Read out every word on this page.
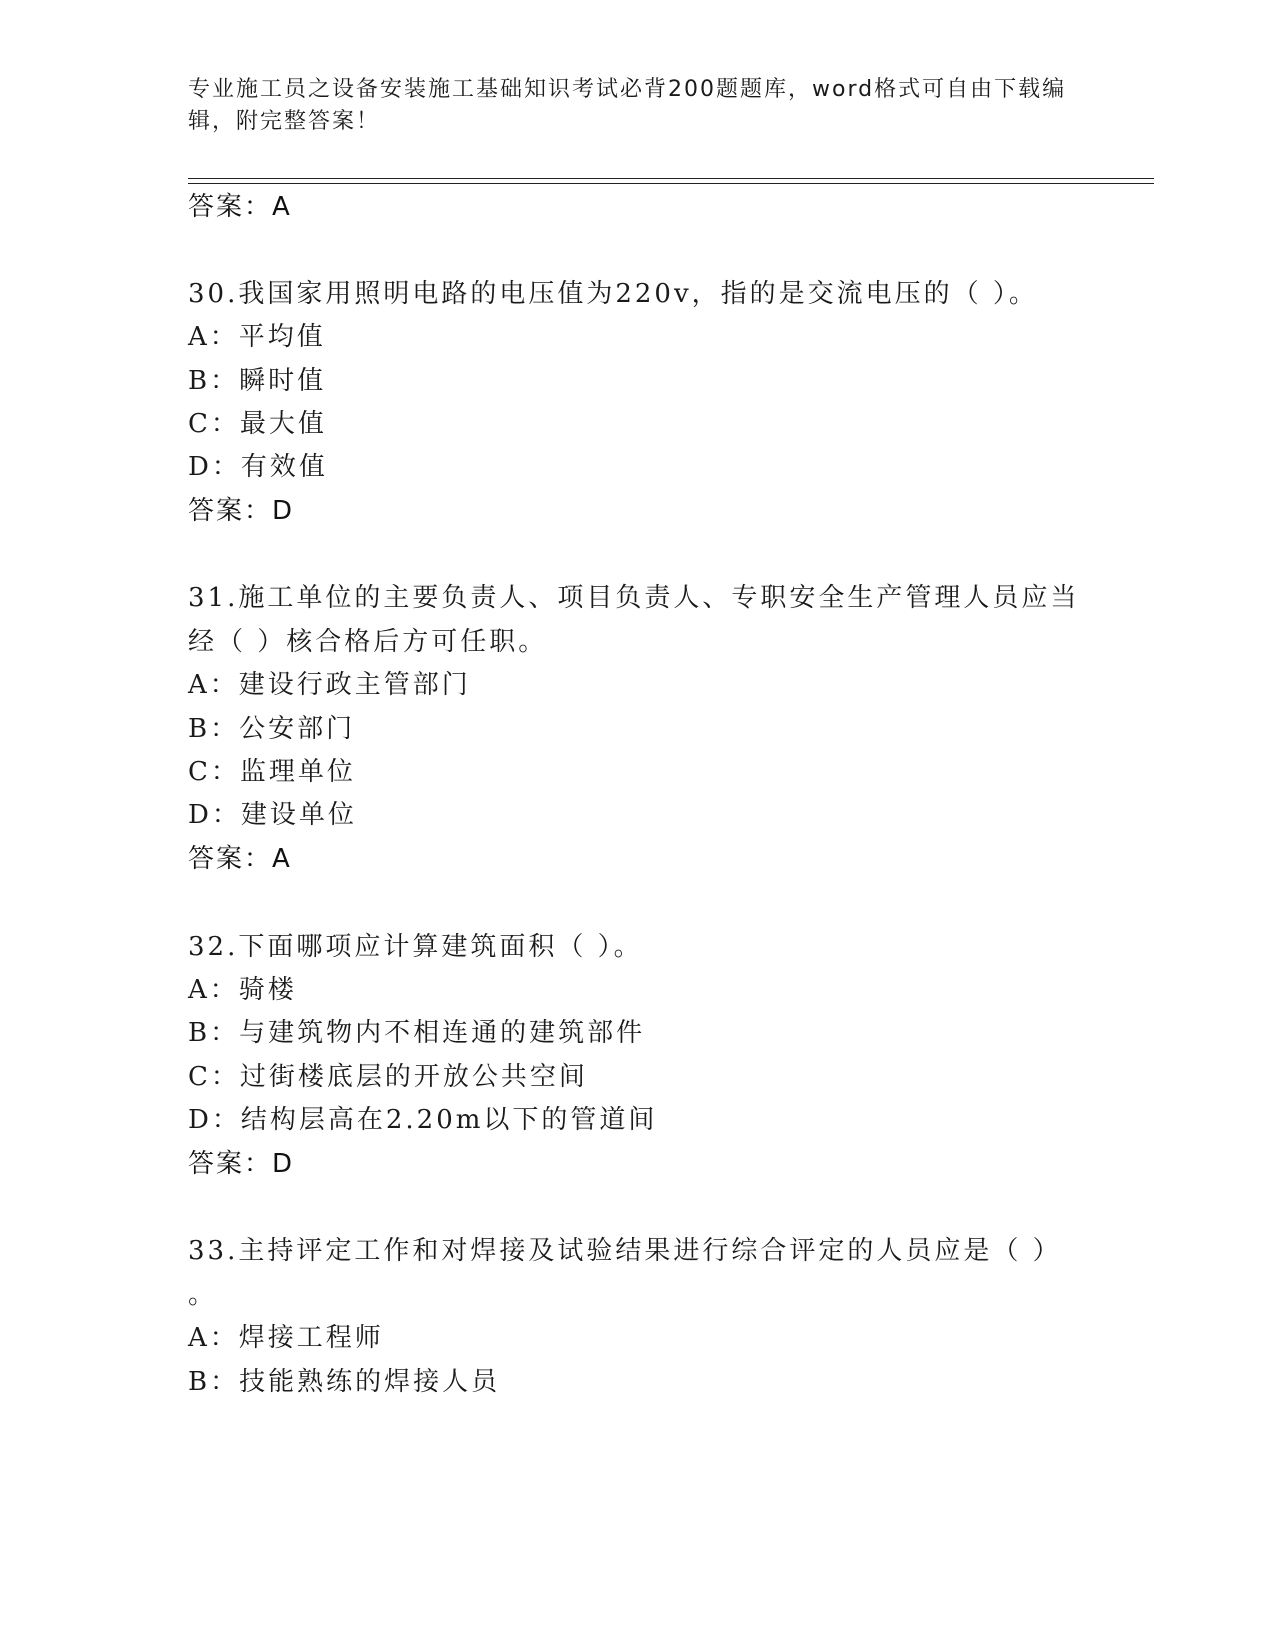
专业施工员之设备安装施工基础知识考试必背200题题库，word格式可自由下载编辑，附完整答案！
答案：A
30.我国家用照明电路的电压值为220v，指的是交流电压的（ ）。
A：平均值
B：瞬时值
C：最大值
D：有效值
答案：D
31.施工单位的主要负责人、项目负责人、专职安全生产管理人员应当
经（ ）核合格后方可任职。
A：建设行政主管部门
B：公安部门
C：监理单位
D：建设单位
答案：A
32.下面哪项应计算建筑面积（ ）。
A：骑楼
B：与建筑物内不相连通的建筑部件
C：过街楼底层的开放公共空间
D：结构层高在2.20m以下的管道间
答案：D
33.主持评定工作和对焊接及试验结果进行综合评定的人员应是（ ）
。
A：焊接工程师
B：技能熟练的焊接人员
